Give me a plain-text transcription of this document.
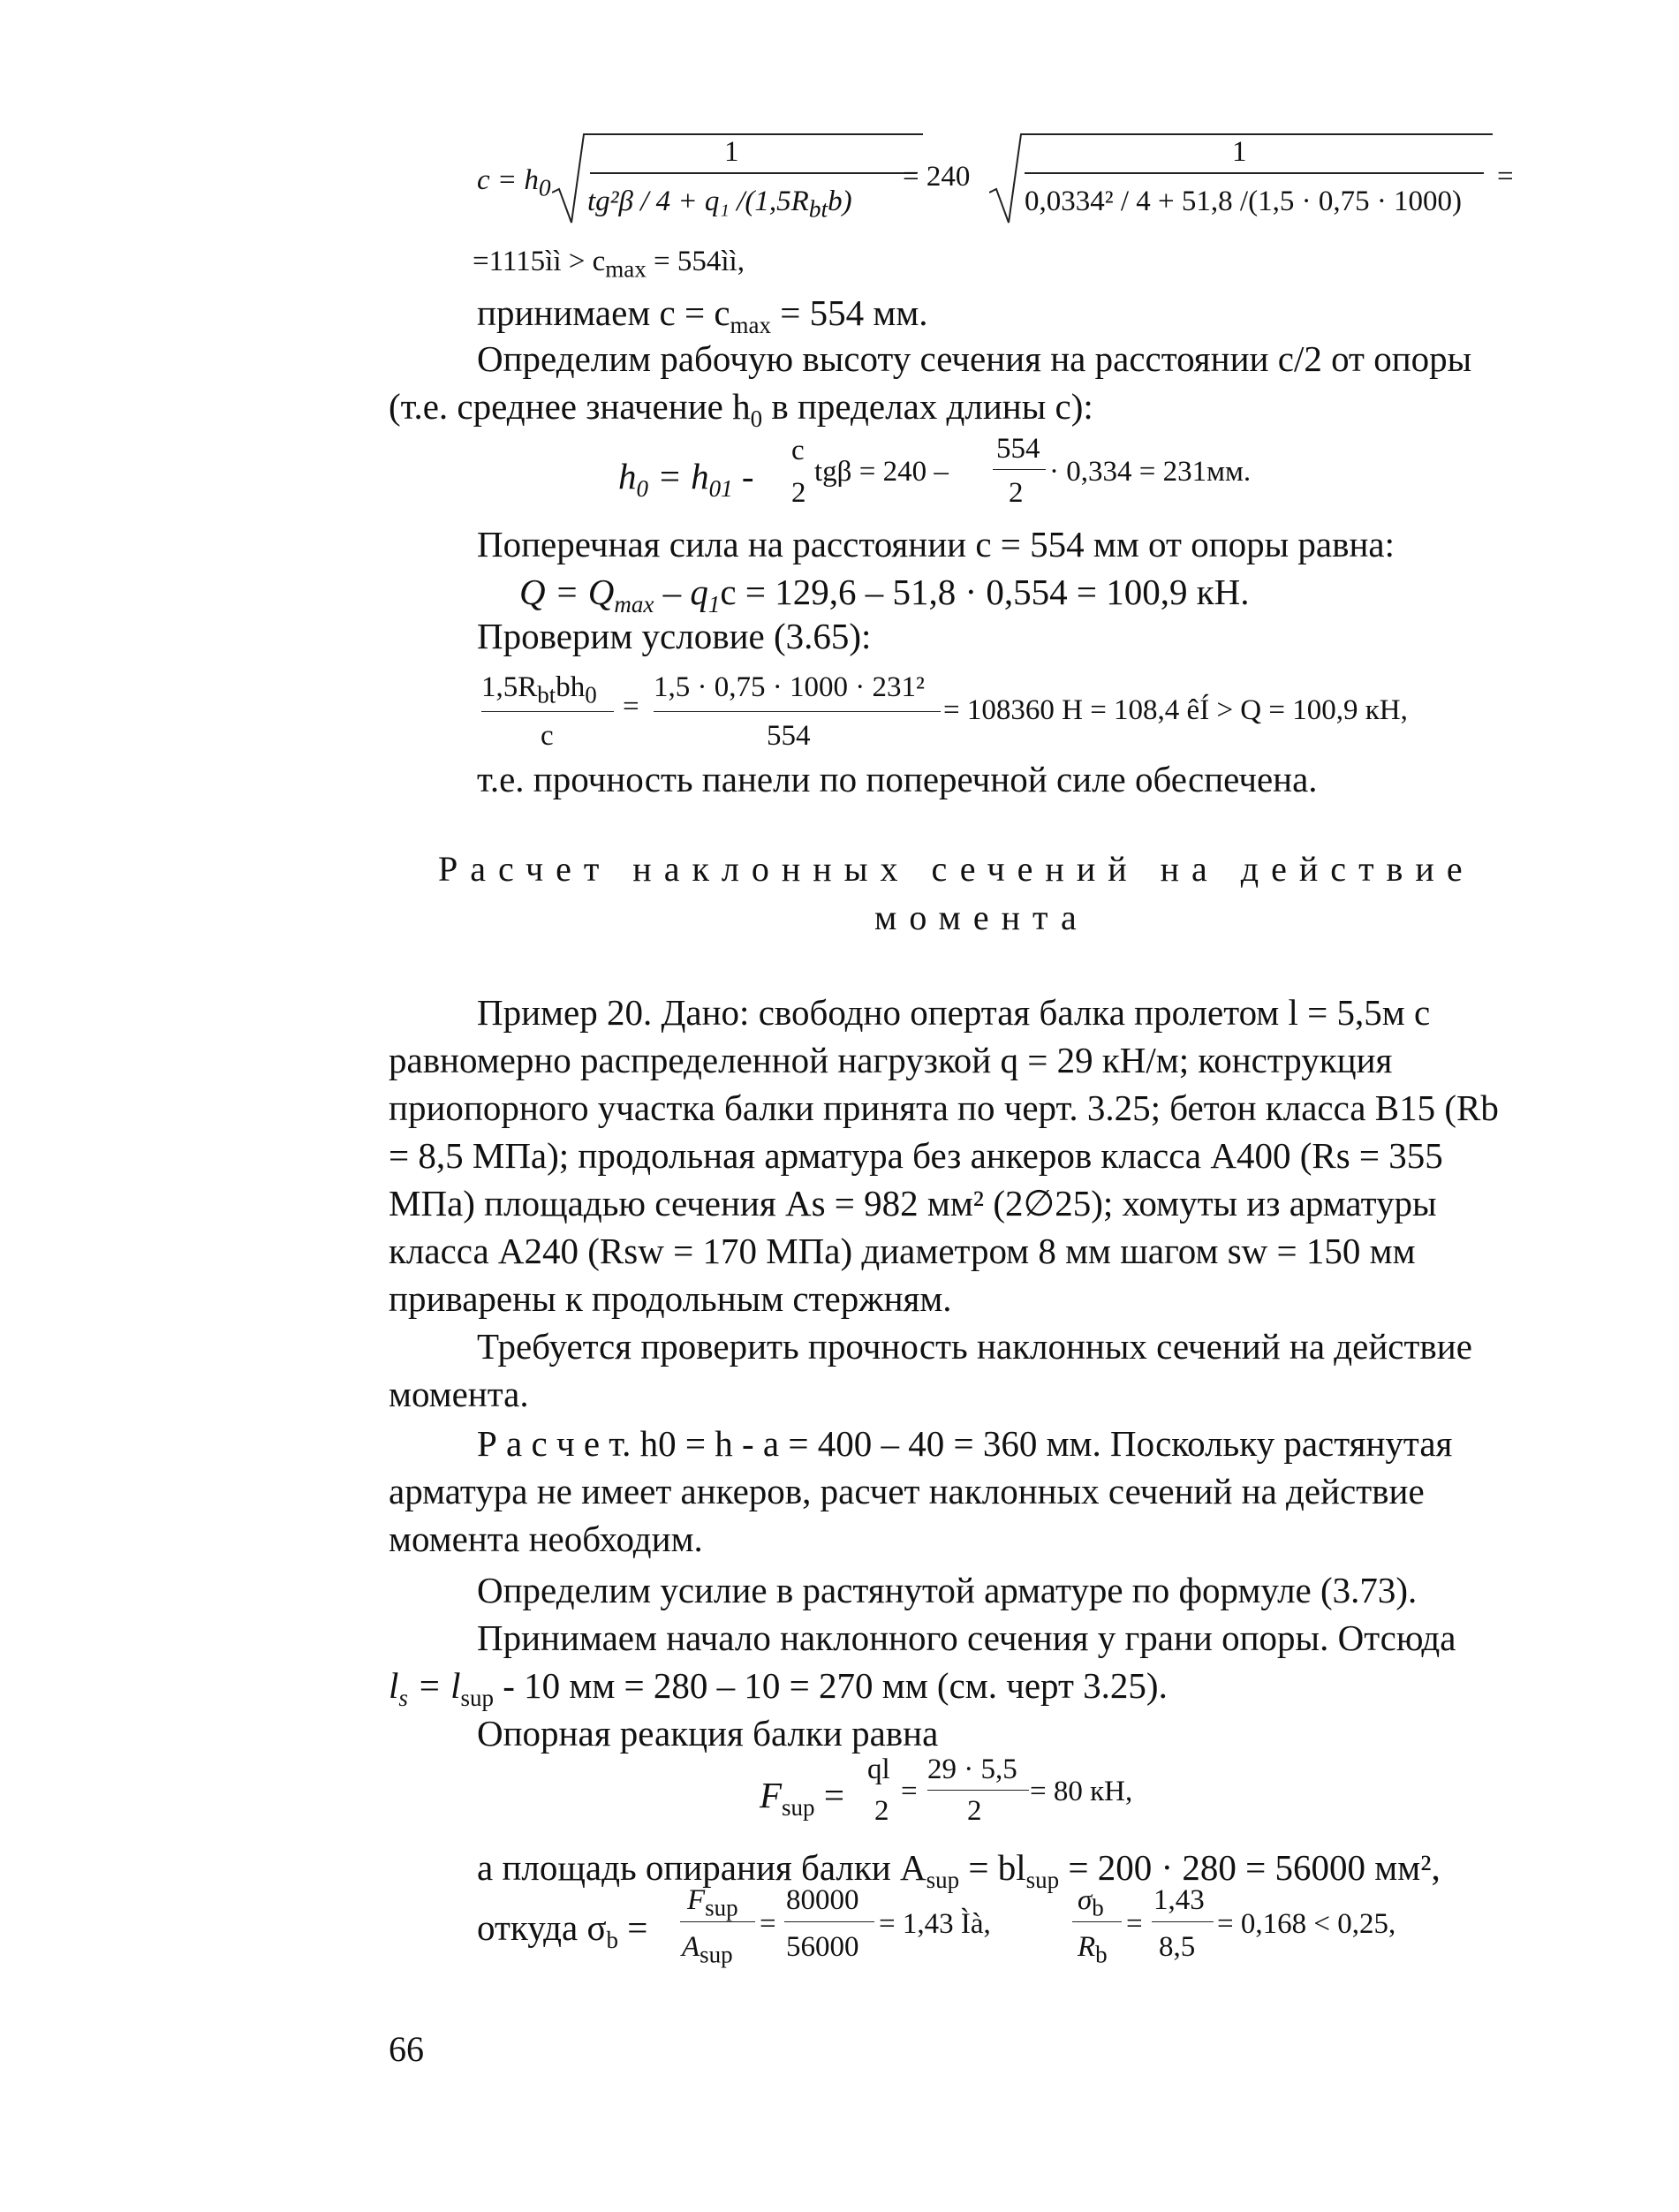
$c = h_0$
1
tg²β / 4 + q₁ $/(1,5R_{bt}b)$
= 240
1
0,0334² / 4 + 51,8 /(1,5 · 0,75 · 1000)
=
=1115ìì > $c_{max}$ = 554ìì,
принимаем $c = c_{max} = 554$ мм.
Определим рабочую высоту сечения на расстоянии c/2 от опоры
(т.е. среднее значение $h_0$ в пределах длины c):
$h_0 = h_{01}$ -
c
2
tgβ = 240 –
554
2
· 0,334 = 231мм.
Поперечная сила на расстоянии c = 554 мм от опоры равна:
$Q = Q_{max} - q_1c = 129,6 - 51,8 \cdot 0,554 = 100,9$ кН.
Проверим условие (3.65):
$1,5R_{bt}bh_0$
c
=
1,5 · 0,75 · 1000 · 231²
554
= 108360 Н = 108,4 êÍ > Q = 100,9 кН,
т.е. прочность панели по поперечной силе обеспечена.
Расчет наклонных сечений на действие
момента
Пример 20. Дано: свободно опертая балка пролетом l = 5,5м с
равномерно распределенной нагрузкой q = 29 кН/м; конструкция
приопорного участка балки принята по черт. 3.25; бетон класса В15 (Rb
= 8,5 МПа); продольная арматура без анкеров класса А400 (Rs = 355
МПа) площадью сечения As = 982 мм² (2∅25); хомуты из арматуры
класса А240 (Rsw = 170 МПа) диаметром 8 мм шагом sw = 150 мм
приварены к продольным стержням.
Требуется проверить прочность наклонных сечений на действие
момента.
Р а с ч е т. h0 = h - a = 400 – 40 = 360 мм. Поскольку растянутая
арматура не имеет анкеров, расчет наклонных сечений на действие
момента необходим.
Определим усилие в растянутой арматуре по формуле (3.73).
Принимаем начало наклонного сечения у грани опоры. Отсюда
$l_s = l_{sup} - 10$ мм = 280 – 10 = 270 мм (см. черт 3.25).
Опорная реакция балки равна
$F_{sup}$ =
ql
2
=
29 · 5,5
2
= 80 кН,
а площадь опирания балки $A_{sup} = bl_{sup} = 200 \cdot 280 = 56000$ мм²,
откуда $\sigma_b$ =
$F_{sup}$
$A_{sup}$
=
80000
56000
= 1,43 Ìà,
$\sigma_b$
$R_b$
=
1,43
8,5
= 0,168 < 0,25,
66
